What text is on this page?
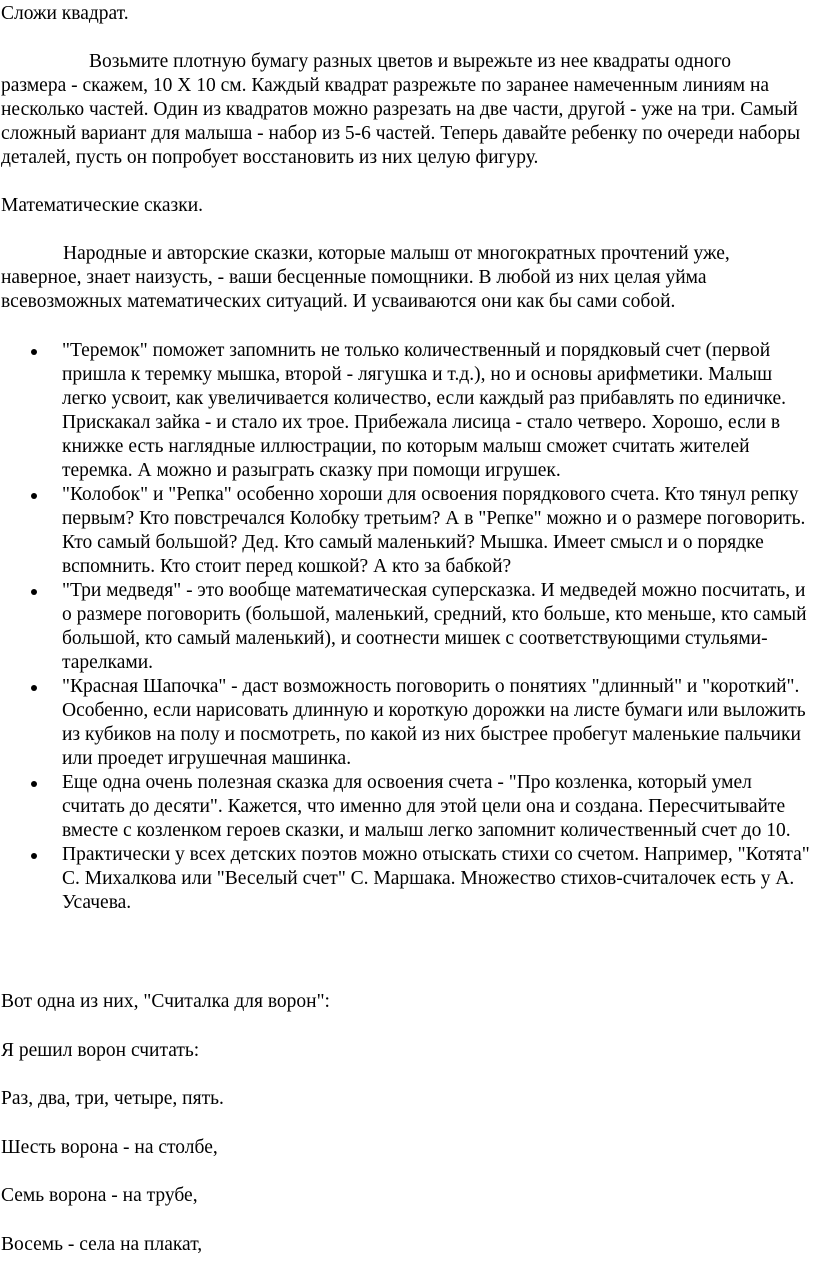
Сложи квадрат.

Возьмите плотную бумагу разных цветов и вырежьте из нее квадраты одного размера - скажем, 10 Х 10 см. Каждый квадрат разрежьте по заранее намеченным линиям на несколько частей. Один из квадратов можно разрезать на две части, другой - уже на три. Самый сложный вариант для малыша - набор из 5-6 частей. Теперь давайте ребенку по очереди наборы деталей, пусть он попробует восстановить из них целую фигуру.

Математические сказки.

Народные и авторские сказки, которые малыш от многократных прочтений уже, наверное, знает наизусть, - ваши бесценные помощники. В любой из них целая уйма всевозможных математических ситуаций. И усваиваются они как бы сами собой.

"Теремок" поможет запомнить не только количественный и порядковый счет (первой пришла к теремку мышка, второй - лягушка и т.д.), но и основы арифметики. Малыш легко усвоит, как увеличивается количество, если каждый раз прибавлять по единичке. Прискакал зайка - и стало их трое. Прибежала лисица - стало четверо. Хорошо, если в книжке есть наглядные иллюстрации, по которым малыш сможет считать жителей теремка. А можно и разыграть сказку при помощи игрушек.
"Колобок" и "Репка" особенно хороши для освоения порядкового счета. Кто тянул репку первым? Кто повстречался Колобку третьим? А в "Репке" можно и о размере поговорить. Кто самый большой? Дед. Кто самый маленький? Мышка. Имеет смысл и о порядке вспомнить. Кто стоит перед кошкой? А кто за бабкой?
"Три медведя" - это вообще математическая суперсказка. И медведей можно посчитать, и о размере поговорить (большой, маленький, средний, кто больше, кто меньше, кто самый большой, кто самый маленький), и соотнести мишек с соответствующими стульями-тарелками.
"Красная Шапочка" - даст возможность поговорить о понятиях "длинный" и "короткий". Особенно, если нарисовать длинную и короткую дорожки на листе бумаги или выложить из кубиков на полу и посмотреть, по какой из них быстрее пробегут маленькие пальчики или проедет игрушечная машинка.
Еще одна очень полезная сказка для освоения счета - "Про козленка, который умел считать до десяти". Кажется, что именно для этой цели она и создана. Пересчитывайте вместе с козленком героев сказки, и малыш легко запомнит количественный счет до 10.
Практически у всех детских поэтов можно отыскать стихи со счетом. Например, "Котята" С. Михалкова или "Веселый счет" С. Маршака. Множество стихов-считалочек есть у А. Усачева.

Вот одна из них, "Считалка для ворон":

Я решил ворон считать:

Раз, два, три, четыре, пять.

Шесть ворона - на столбе,

Семь ворона - на трубе,

Восемь - села на плакат,
